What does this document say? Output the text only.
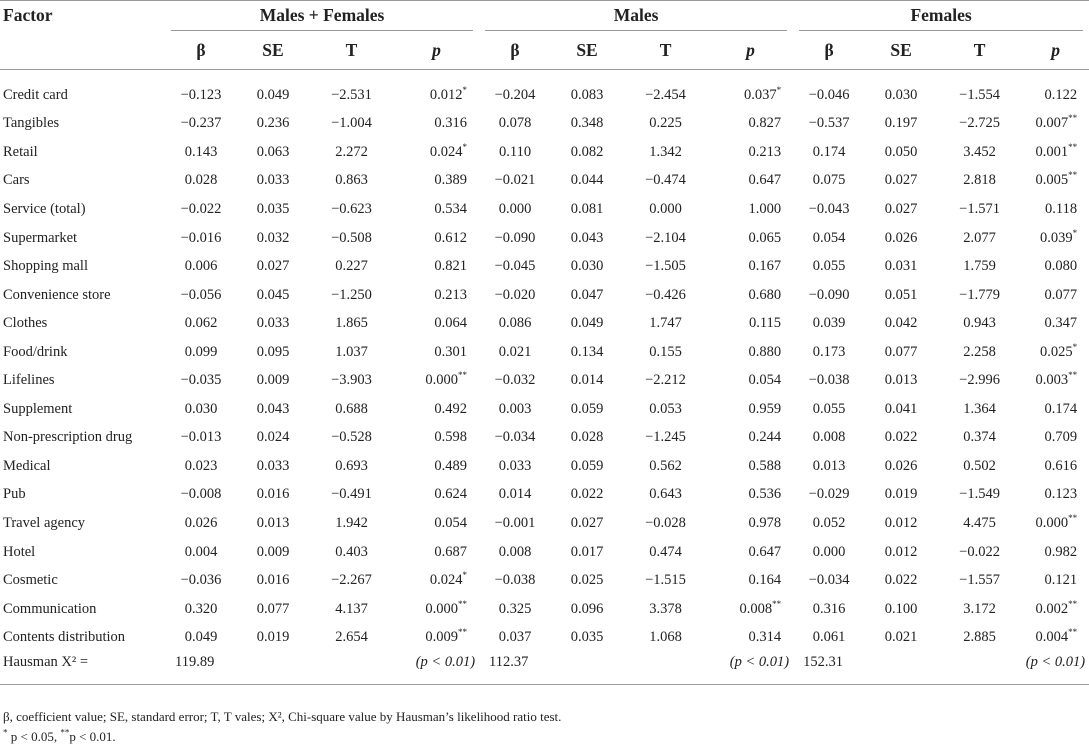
Factor	Males + Females				Males				Females			

	β	SE	T	p	β	SE	T	p	β	SE	T	p

Credit card	−0.123	0.049	−2.531	0.012*	−0.204	0.083	−2.454	0.037*	−0.046	0.030	−1.554	0.122
Tangibles	−0.237	0.236	−1.004	0.316	0.078	0.348	0.225	0.827	−0.537	0.197	−2.725	0.007**
Retail	0.143	0.063	2.272	0.024*	0.110	0.082	1.342	0.213	0.174	0.050	3.452	0.001**
Cars	0.028	0.033	0.863	0.389	−0.021	0.044	−0.474	0.647	0.075	0.027	2.818	0.005**
Service (total)	−0.022	0.035	−0.623	0.534	0.000	0.081	0.000	1.000	−0.043	0.027	−1.571	0.118
Supermarket	−0.016	0.032	−0.508	0.612	−0.090	0.043	−2.104	0.065	0.054	0.026	2.077	0.039*
Shopping mall	0.006	0.027	0.227	0.821	−0.045	0.030	−1.505	0.167	0.055	0.031	1.759	0.080
Convenience store	−0.056	0.045	−1.250	0.213	−0.020	0.047	−0.426	0.680	−0.090	0.051	−1.779	0.077
Clothes	0.062	0.033	1.865	0.064	0.086	0.049	1.747	0.115	0.039	0.042	0.943	0.347
Food/drink	0.099	0.095	1.037	0.301	0.021	0.134	0.155	0.880	0.173	0.077	2.258	0.025*
Lifelines	−0.035	0.009	−3.903	0.000**	−0.032	0.014	−2.212	0.054	−0.038	0.013	−2.996	0.003**
Supplement	0.030	0.043	0.688	0.492	0.003	0.059	0.053	0.959	0.055	0.041	1.364	0.174
Non-prescription drug	−0.013	0.024	−0.528	0.598	−0.034	0.028	−1.245	0.244	0.008	0.022	0.374	0.709
Medical	0.023	0.033	0.693	0.489	0.033	0.059	0.562	0.588	0.013	0.026	0.502	0.616
Pub	−0.008	0.016	−0.491	0.624	0.014	0.022	0.643	0.536	−0.029	0.019	−1.549	0.123
Travel agency	0.026	0.013	1.942	0.054	−0.001	0.027	−0.028	0.978	0.052	0.012	4.475	0.000**
Hotel	0.004	0.009	0.403	0.687	0.008	0.017	0.474	0.647	0.000	0.012	−0.022	0.982
Cosmetic	−0.036	0.016	−2.267	0.024*	−0.038	0.025	−1.515	0.164	−0.034	0.022	−1.557	0.121
Communication	0.320	0.077	4.137	0.000**	0.325	0.096	3.378	0.008**	0.316	0.100	3.172	0.002**
Contents distribution	0.049	0.019	2.654	0.009**	0.037	0.035	1.068	0.314	0.061	0.021	2.885	0.004**
Hausman X² =	119.89			(p < 0.01)	112.37			(p < 0.01)	152.31			(p < 0.01)
β, coefficient value; SE, standard error; T, T vales; X², Chi-square value by Hausman’s likelihood ratio test.
* p < 0.05, **p < 0.01.
